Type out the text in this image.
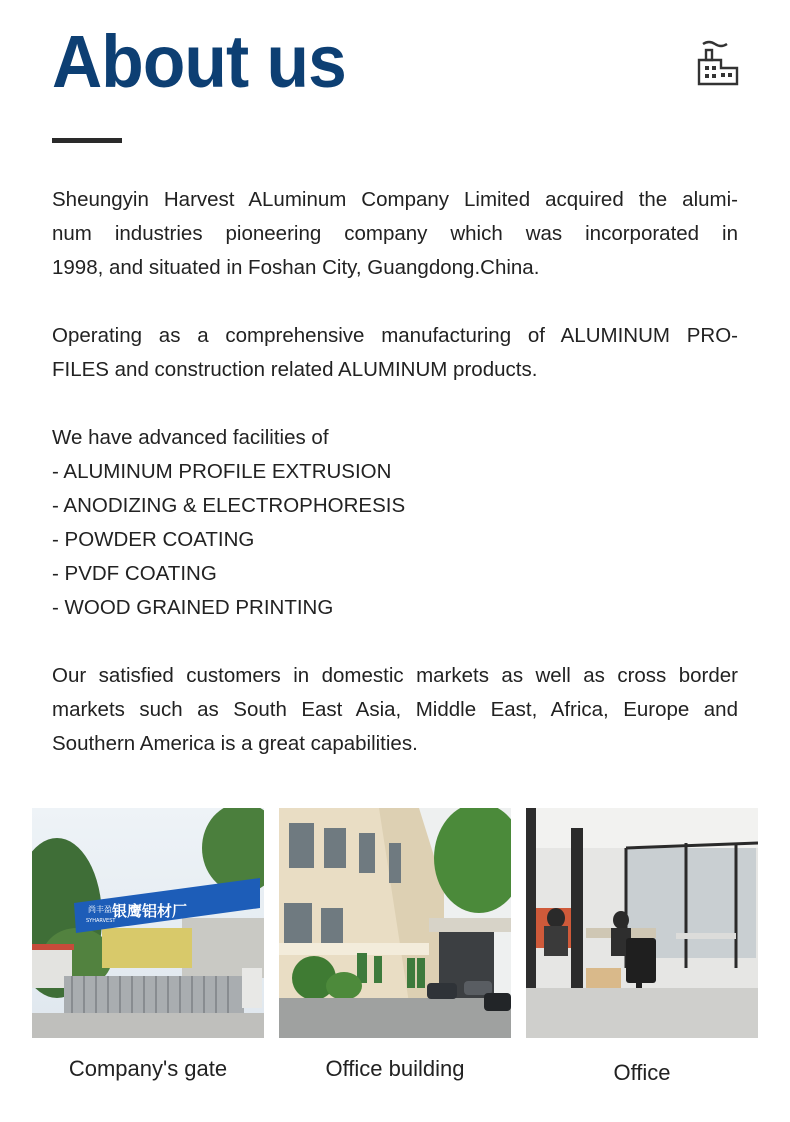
About us

Sheungyin Harvest ALuminum Company Limited acquired the alumi-

num industries pioneering company which was incorporated in

1998, and situated in Foshan City, Guangdong.China.

Operating as a comprehensive manufacturing of ALUMINUM PRO-

FILES and construction related ALUMINUM products.

We have advanced facilities of

- ALUMINUM PROFILE EXTRUSION

- ANODIZING & ELECTROPHORESIS

- POWDER COATING

- PVDF COATING

- WOOD GRAINED PRINTING

Our satisfied customers in domestic markets as well as cross border

markets such as South East Asia, Middle East, Africa, Europe and

Southern America is a great capabilities.

银鹰铝材厂
尚丰盈
SYHARVEST
Company's gate	Office building	Office
